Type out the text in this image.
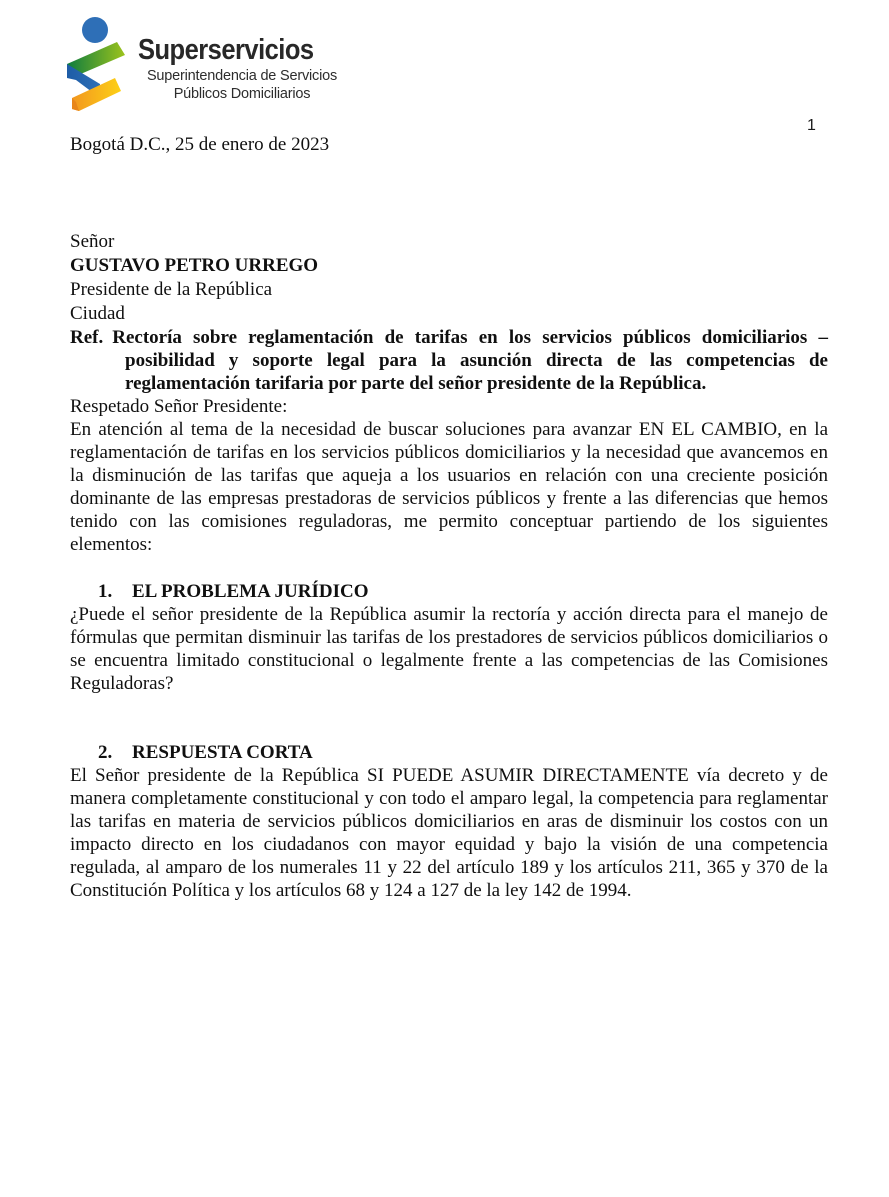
Superservicios
Superintendencia de Servicios
Públicos Domiciliarios
1

Bogotá D.C., 25 de enero de 2023

Señor
GUSTAVO PETRO URREGO
Presidente de la República
Ciudad

Ref. Rectoría sobre reglamentación de tarifas en los servicios públicos domiciliarios – posibilidad y soporte legal para la asunción directa de las competencias de reglamentación tarifaria por parte del señor presidente de la República.

Respetado Señor Presidente:

En atención al tema de la necesidad de buscar soluciones para avanzar EN EL CAMBIO, en la reglamentación de tarifas en los servicios públicos domiciliarios y la necesidad que avancemos en la disminución de las tarifas que aqueja a los usuarios en relación con una creciente posición dominante de las empresas prestadoras de servicios públicos y frente a las diferencias que hemos tenido con las comisiones reguladoras, me permito conceptuar partiendo de los siguientes elementos:

1. EL PROBLEMA JURÍDICO

¿Puede el señor presidente de la República asumir la rectoría y acción directa para el manejo de fórmulas que permitan disminuir las tarifas de los prestadores de servicios públicos domiciliarios o se encuentra limitado constitucional o legalmente frente a las competencias de las Comisiones Reguladoras?

2. RESPUESTA CORTA

El Señor presidente de la República SI PUEDE ASUMIR DIRECTAMENTE vía decreto y de manera completamente constitucional y con todo el amparo legal, la competencia para reglamentar las tarifas en materia de servicios públicos domiciliarios en aras de disminuir los costos con un impacto directo en los ciudadanos con mayor equidad y bajo la visión de una competencia regulada, al amparo de los numerales 11 y 22 del artículo 189 y los artículos 211, 365 y 370 de la Constitución Política y los artículos 68 y 124 a 127 de la ley 142 de 1994.
